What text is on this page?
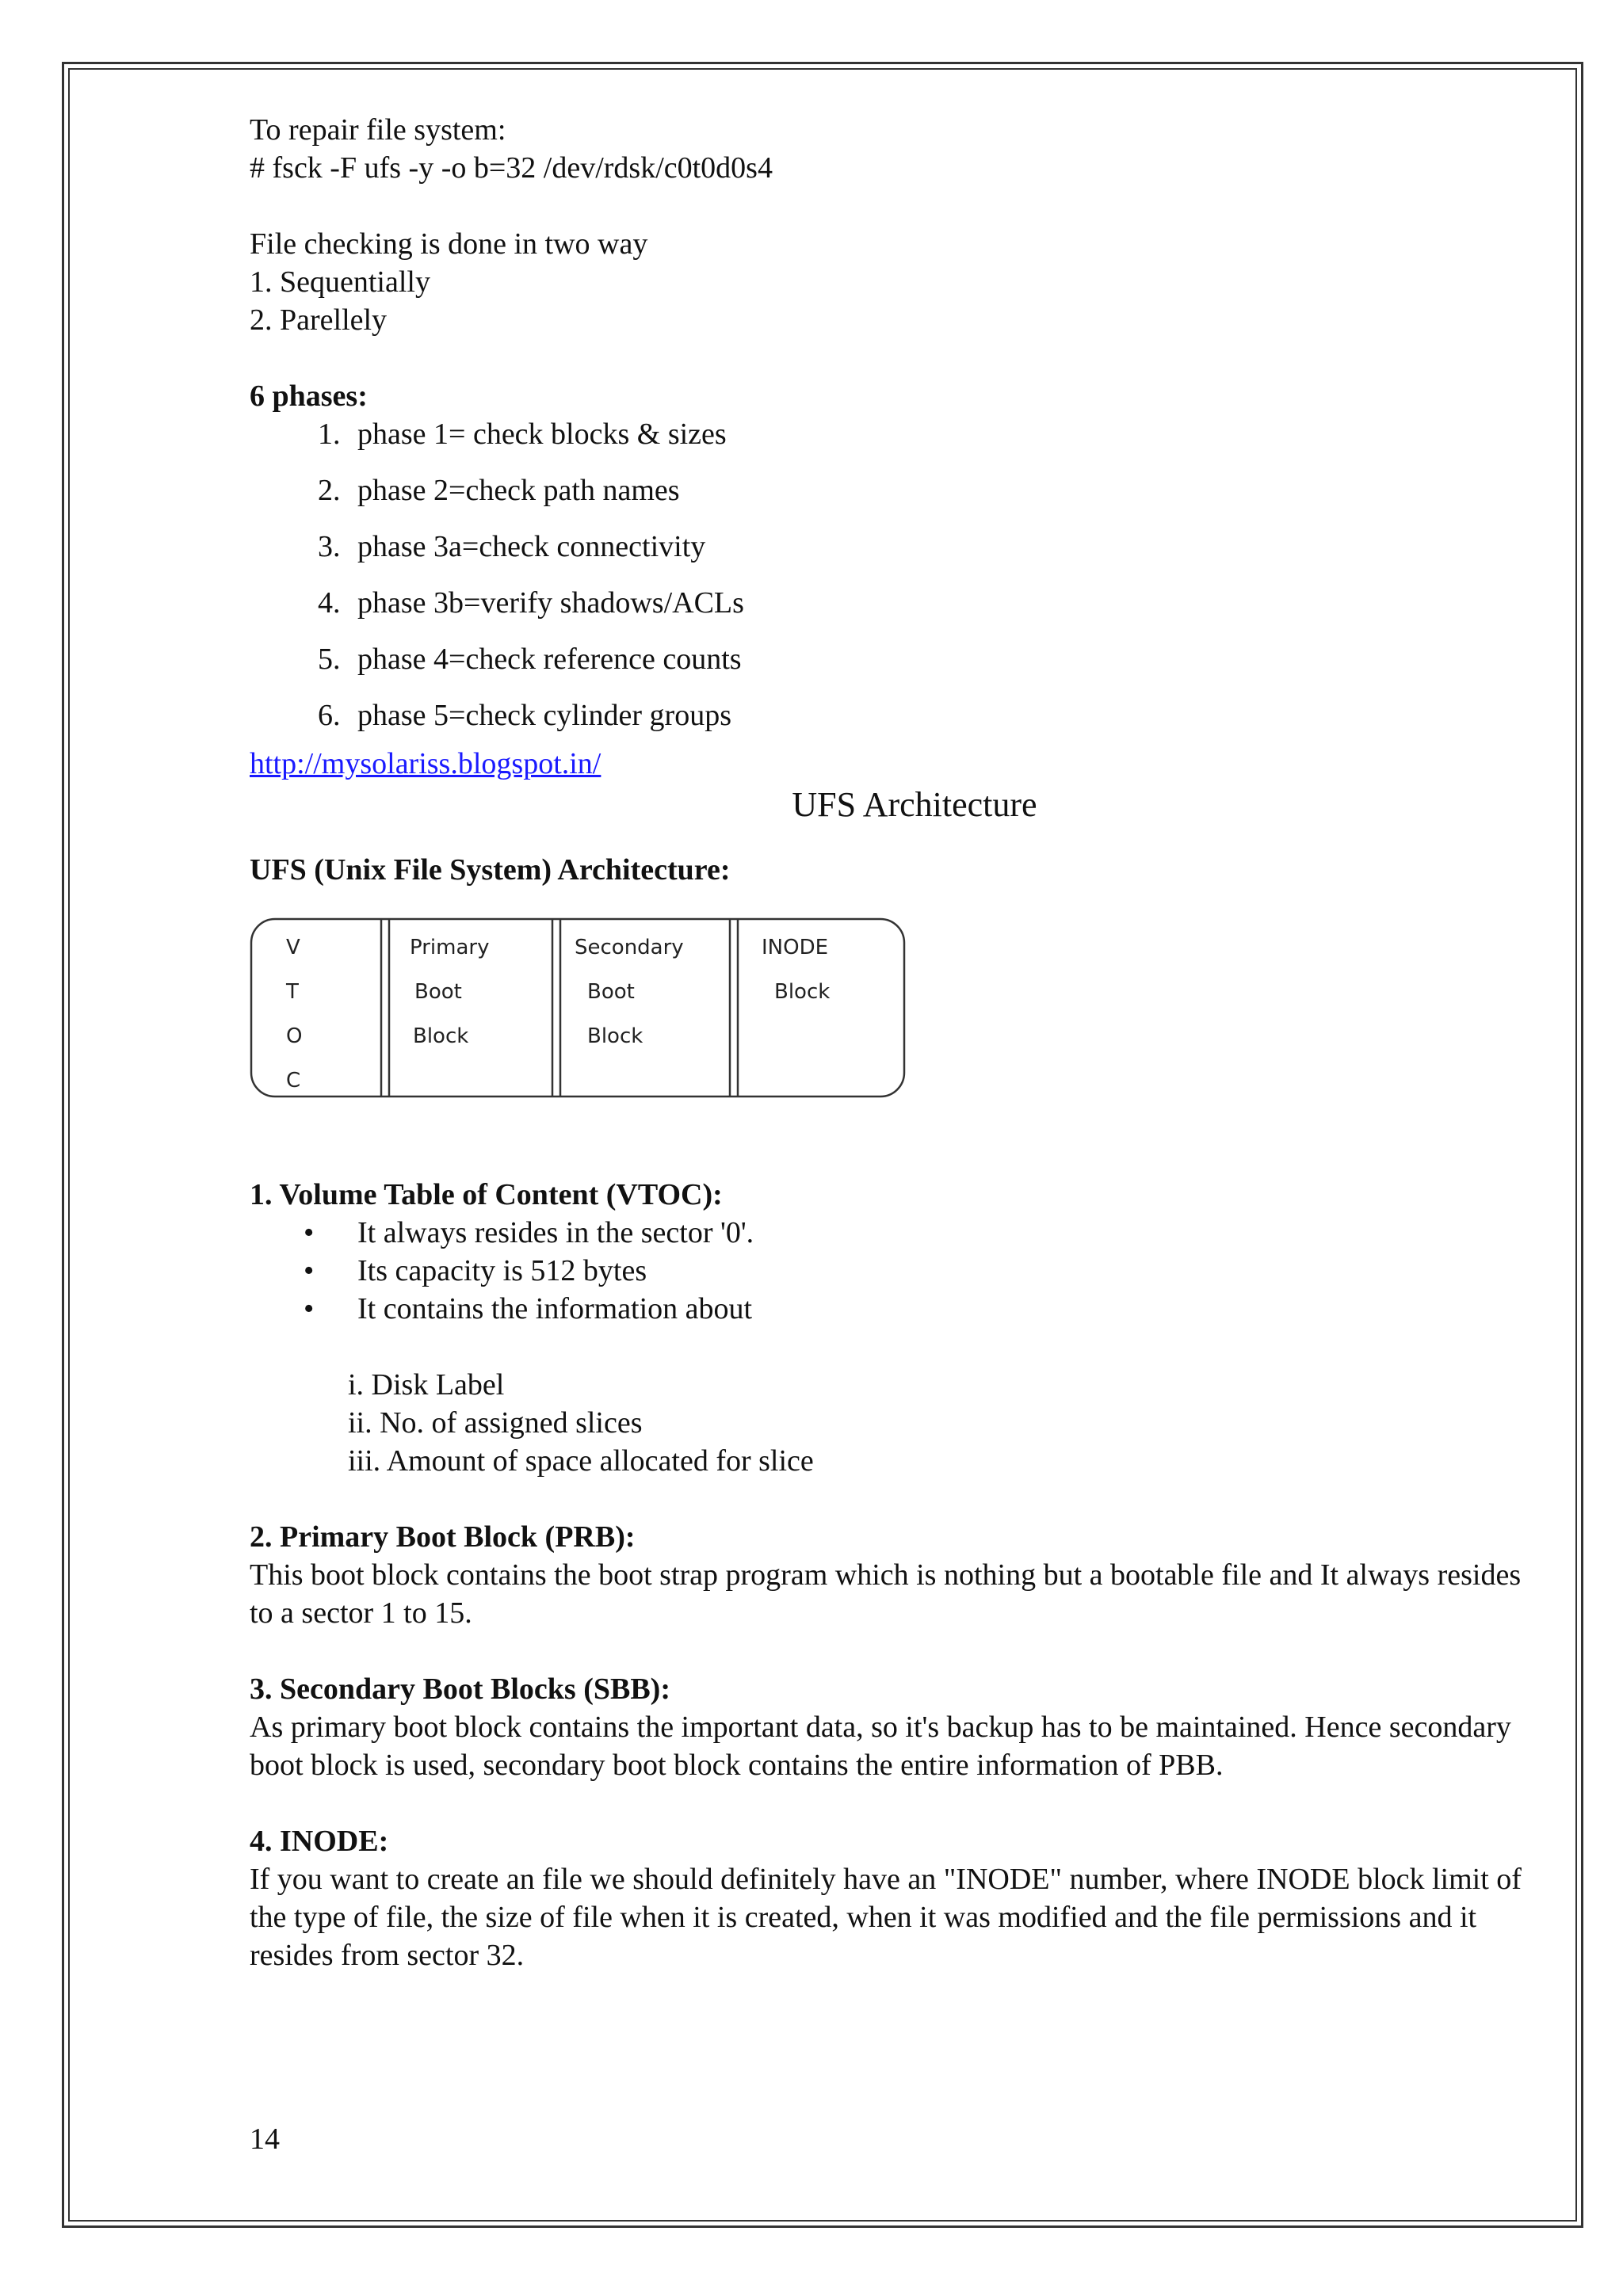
To repair file system:

# fsck -F ufs -y -o b=32 /dev/rdsk/c0t0d0s4

File checking is done in two way

1. Sequentially

2. Parellely

6 phases:

1. phase 1= check blocks & sizes
2. phase 2=check path names
3. phase 3a=check connectivity
4. phase 3b=verify shadows/ACLs
5. phase 4=check reference counts
6. phase 5=check cylinder groups

http://mysolariss.blogspot.in/

UFS Architecture

UFS (Unix File System) Architecture:

V
T
O
C
Primary
Boot
Block
Secondary
Boot
Block
INODE
Block

1. Volume Table of Content (VTOC):

• It always resides in the sector '0'.
• Its capacity is 512 bytes
• It contains the information about

i. Disk Label

ii. No. of assigned slices

iii. Amount of space allocated for slice

2. Primary Boot Block (PRB):

This boot block contains the boot strap program which is nothing but a bootable file and It always resides to a sector 1 to 15.

3. Secondary Boot Blocks (SBB):

As primary boot block contains the important data, so it's backup has to be maintained. Hence secondary boot block is used, secondary boot block contains the entire information of PBB.

4. INODE:

If you want to create an file we should definitely have an "INODE" number, where INODE block limit of the type of file, the size of file when it is created, when it was modified and the file permissions and it resides from sector 32.

14
